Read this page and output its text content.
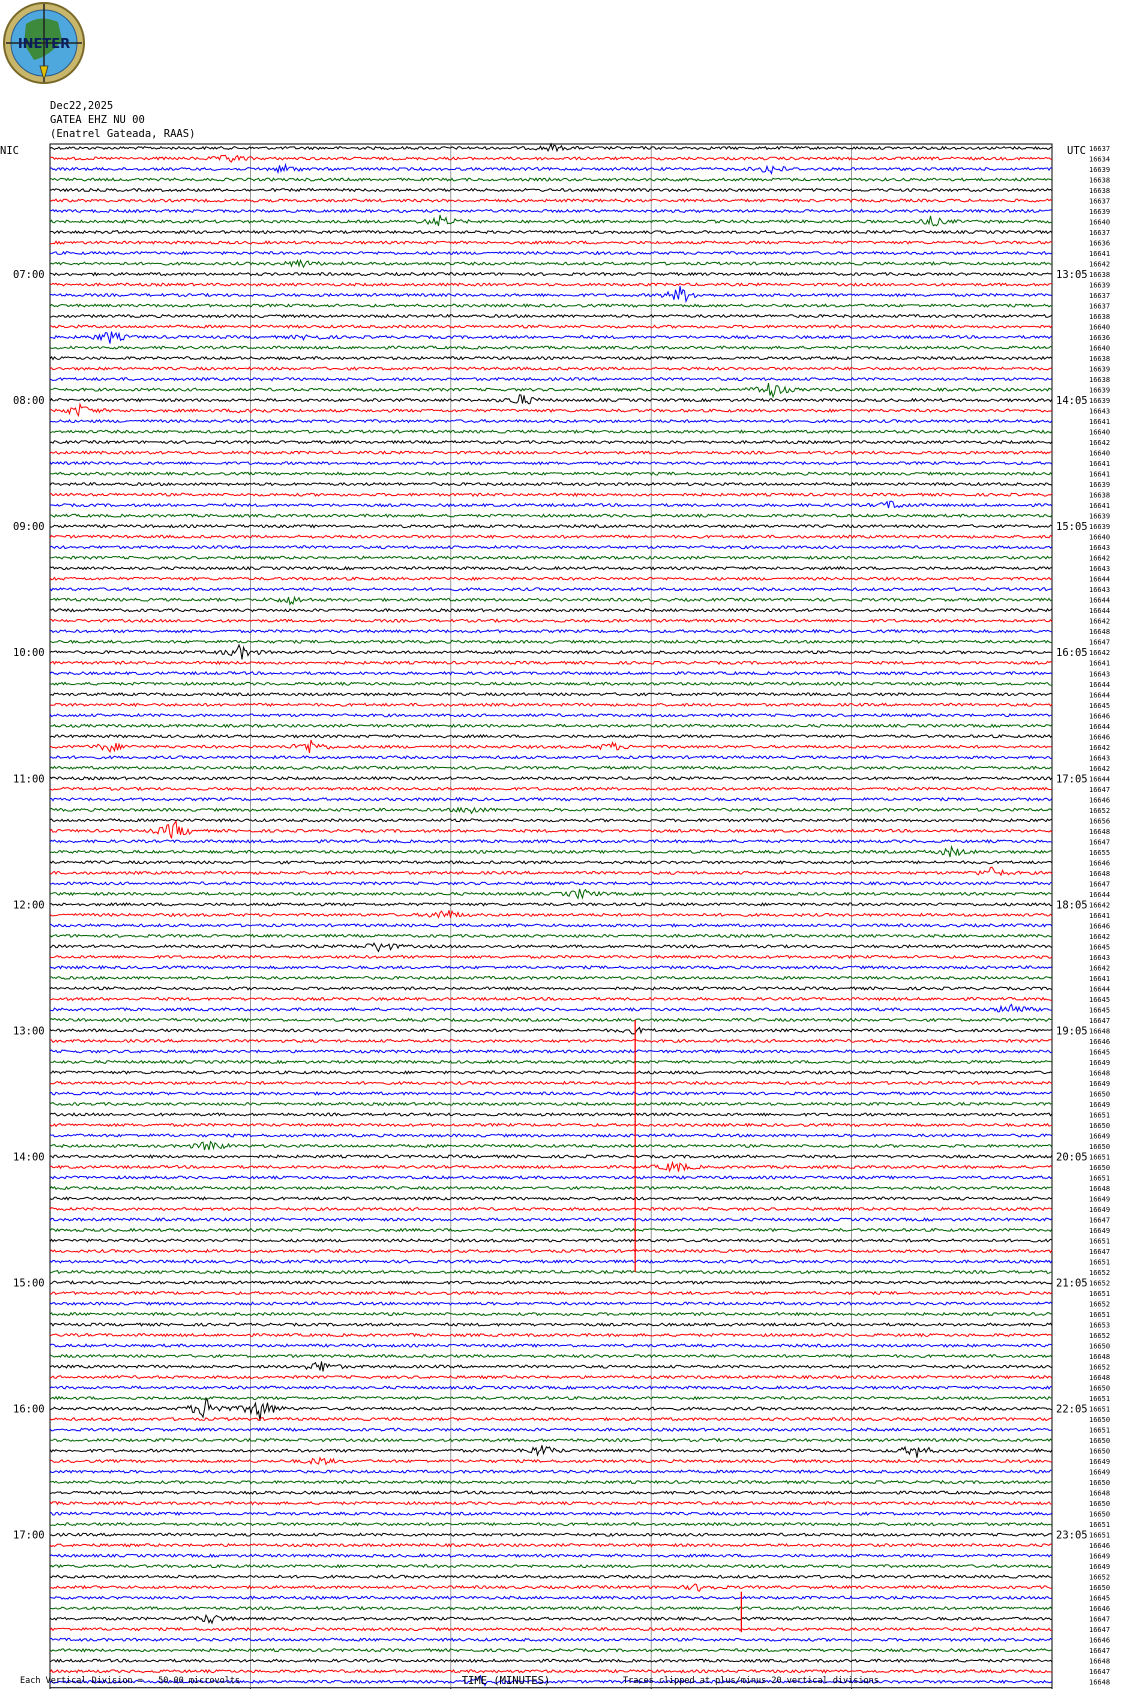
INETER
Dec22,2025
GATEA EHZ NU 00
(Enatrel Gateada, RAAS)
NIC	UTC 16637
16634
16639
16638
16638
16637
16639
16640
16637
16636
16641
16642
16638
16639
16637
16637
16638
16640
16636
16640
16638
16639
16638
16639
16639
16643
16641
16640
16642
16640
16641
16641
16639
16638
16641
16639
16639
16640
16643
16642
16643
16644
16643
16644
16644
16642
16648
16647
16642
16641
16643
16644
16644
16645
16646
16644
16646
16642
16643
16642
16644
16647
16646
16652
16656
16648
16647
16655
16646
16648
16647
16644
16642
16641
16646
16642
16645
16643
16642
16641
16644
16645
16645
16647
16648
16646
16645
16649
16648
16649
16650
16649
16651
16650
16649
16650
16651
16650
16651
16648
16649
16649
16647
16649
16651
16647
16651
16652
16652
16651
16652
16651
16653
16652
16650
16648
16652
16648
16650
16651
16651
16650
16651
16650
16650
16649
16649
16650
16648
16650
16650
16651
16651
16646
16649
16649
16652
16650
16645
16646
16647
16647
16646
16647
16648
16647
16648
07:00	13:05
08:00	14:05
09:00	15:05
10:00	16:05
11:00	17:05
12:00	18:05
13:00	19:05
14:00	20:05
15:00	21:05
16:00	22:05
17:00	23:05
TIME (MINUTES)
Each Vertical Division =   50.00 microvolts	Traces clipped at plus/minus 20 vertical divisions
